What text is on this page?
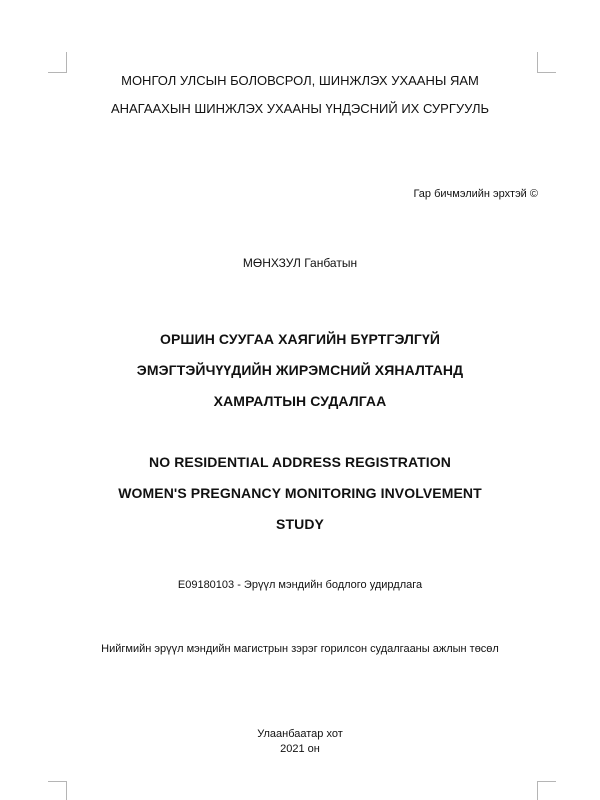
МОНГОЛ УЛСЫН БОЛОВСРОЛ, ШИНЖЛЭХ УХААНЫ ЯАМ
АНАГААХЫН ШИНЖЛЭХ УХААНЫ ҮНДЭСНИЙ ИХ СУРГУУЛЬ
Гар бичмэлийн эрхтэй ©
МӨНХЗУЛ Ганбатын
ОРШИН СУУГАА ХАЯГИЙН БҮРТГЭЛГҮЙ
ЭМЭГТЭЙЧҮҮДИЙН ЖИРЭМСНИЙ ХЯНАЛТАНД
ХАМРАЛТЫН СУДАЛГАА
NO RESIDENTIAL ADDRESS REGISTRATION
WOMEN'S PREGNANCY MONITORING INVOLVEMENT
STUDY
E09180103 - Эрүүл мэндийн бодлого удирдлага
Нийгмийн эрүүл мэндийн магистрын зэрэг горилсон судалгааны ажлын төсөл
Улаанбаатар хот
2021 он
